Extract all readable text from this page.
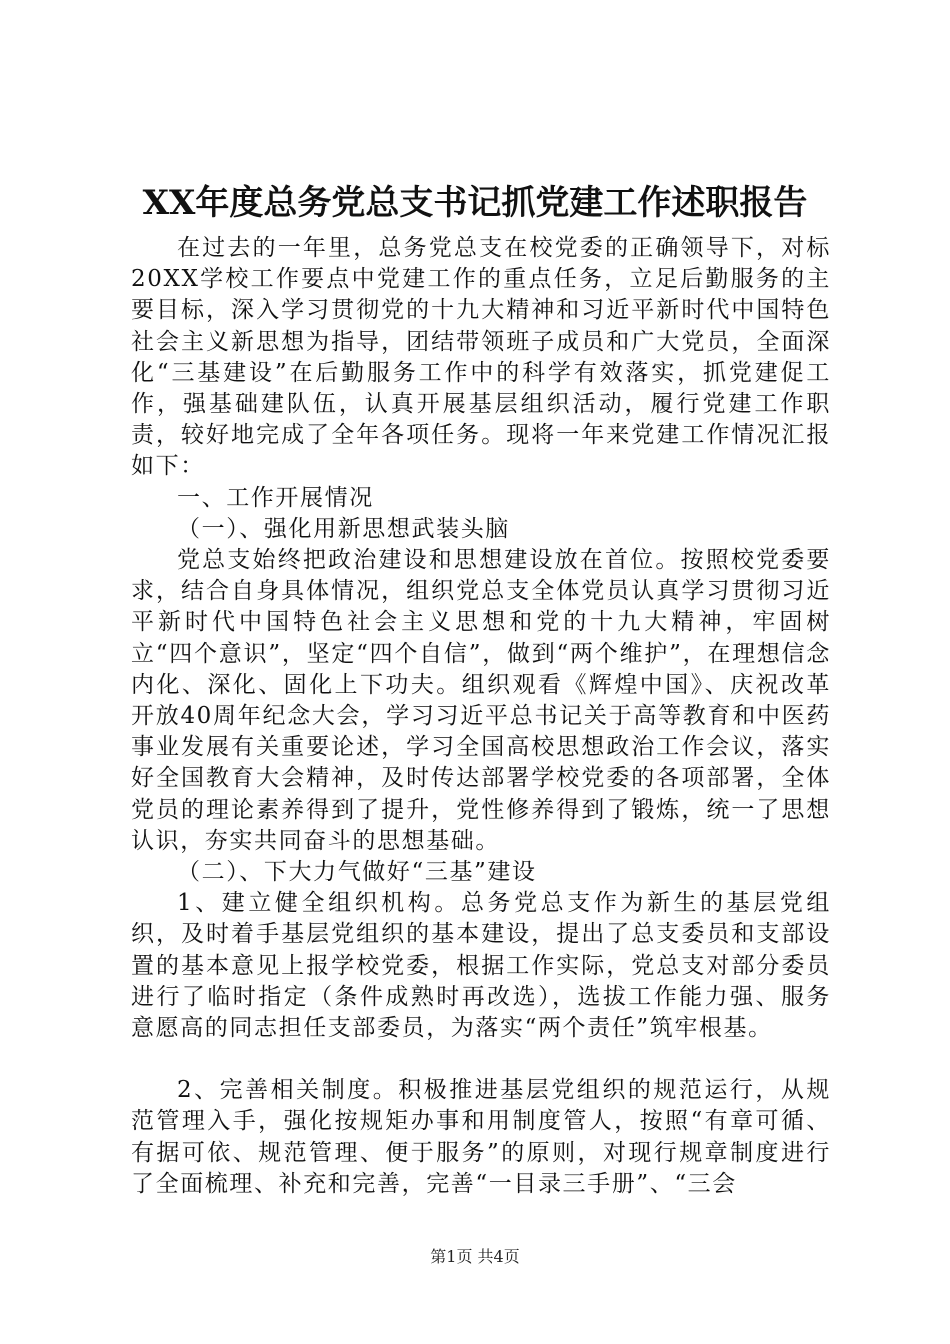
XX年度总务党总支书记抓党建工作述职报告

在过去的一年里，总务党总支在校党委的正确领导下，对标20XX学校工作要点中党建工作的重点任务，立足后勤服务的主要目标，深入学习贯彻党的十九大精神和习近平新时代中国特色社会主义新思想为指导，团结带领班子成员和广大党员，全面深化“三基建设”在后勤服务工作中的科学有效落实，抓党建促工作，强基础建队伍，认真开展基层组织活动，履行党建工作职责，较好地完成了全年各项任务。现将一年来党建工作情况汇报如下：

一、工作开展情况

（一）、强化用新思想武装头脑

党总支始终把政治建设和思想建设放在首位。按照校党委要求，结合自身具体情况，组织党总支全体党员认真学习贯彻习近平新时代中国特色社会主义思想和党的十九大精神，牢固树立“四个意识”，坚定“四个自信”，做到“两个维护”，在理想信念内化、深化、固化上下功夫。组织观看《辉煌中国》、庆祝改革开放40周年纪念大会，学习习近平总书记关于高等教育和中医药事业发展有关重要论述，学习全国高校思想政治工作会议，落实好全国教育大会精神，及时传达部署学校党委的各项部署，全体党员的理论素养得到了提升，党性修养得到了锻炼，统一了思想认识，夯实共同奋斗的思想基础。

（二）、下大力气做好“三基”建设

1、建立健全组织机构。总务党总支作为新生的基层党组织，及时着手基层党组织的基本建设，提出了总支委员和支部设置的基本意见上报学校党委，根据工作实际，党总支对部分委员进行了临时指定（条件成熟时再改选），选拔工作能力强、服务意愿高的同志担任支部委员，为落实“两个责任”筑牢根基。

2、完善相关制度。积极推进基层党组织的规范运行，从规范管理入手，强化按规矩办事和用制度管人，按照“有章可循、有据可依、规范管理、便于服务”的原则，对现行规章制度进行了全面梳理、补充和完善，完善“一目录三手册”、“三会

第1页 共4页
